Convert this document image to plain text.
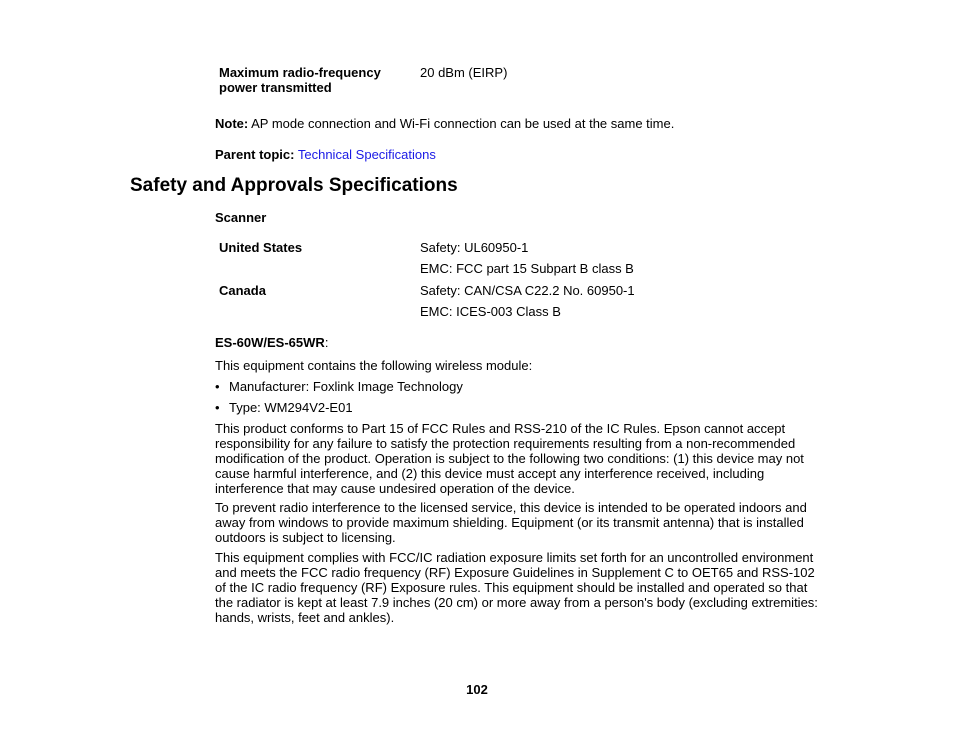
Maximum radio-frequency
power transmitted
20 dBm (EIRP)
Note: AP mode connection and Wi-Fi connection can be used at the same time.
Parent topic: Technical Specifications
Safety and Approvals Specifications
Scanner
United States	Safety: UL60950-1
EMC: FCC part 15 Subpart B class B
Canada	Safety: CAN/CSA C22.2 No. 60950-1
EMC: ICES-003 Class B
ES-60W/ES-65WR:
This equipment contains the following wireless module:
• Manufacturer: Foxlink Image Technology
• Type: WM294V2-E01
This product conforms to Part 15 of FCC Rules and RSS-210 of the IC Rules. Epson cannot accept responsibility for any failure to satisfy the protection requirements resulting from a non-recommended modification of the product. Operation is subject to the following two conditions: (1) this device may not cause harmful interference, and (2) this device must accept any interference received, including interference that may cause undesired operation of the device.
To prevent radio interference to the licensed service, this device is intended to be operated indoors and away from windows to provide maximum shielding. Equipment (or its transmit antenna) that is installed outdoors is subject to licensing.
This equipment complies with FCC/IC radiation exposure limits set forth for an uncontrolled environment and meets the FCC radio frequency (RF) Exposure Guidelines in Supplement C to OET65 and RSS-102 of the IC radio frequency (RF) Exposure rules. This equipment should be installed and operated so that the radiator is kept at least 7.9 inches (20 cm) or more away from a person's body (excluding extremities: hands, wrists, feet and ankles).
102
